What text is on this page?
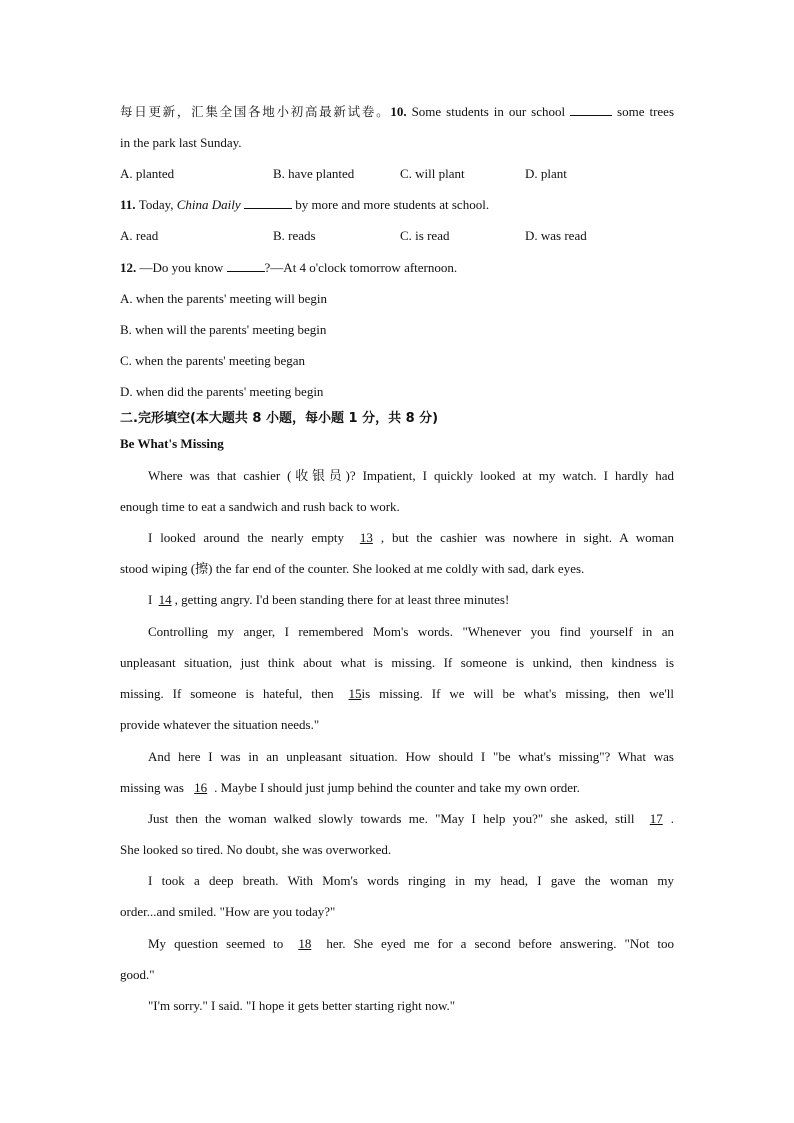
每日更新，汇集全国各地小初高最新试卷。10. Some students in our school	some trees
in the park last Sunday.
A. planted	B. have planted	C. will plant	D. plant
11. Today, China Daily	by more and more students at school.
A. read	B. reads	C. is read	D. was read
12. —Do you know	?—At 4 o'clock tomorrow afternoon.
A. when the parents' meeting will begin
B. when will the parents' meeting begin
C. when the parents' meeting began
D. when did the parents' meeting begin
二.完形填空(本大题共 8 小题，每小题 1 分，共 8 分)
Be What's Missing
Where was that cashier (收银员)? Impatient, I quickly looked at my watch. I hardly had
enough time to eat a sandwich and rush back to work.
I looked around the nearly empty 13 , but the cashier was nowhere in sight. A woman
stood wiping (擦) the far end of the counter. She looked at me coldly with sad, dark eyes.
I 14 , getting angry. I'd been standing there for at least three minutes!
Controlling my anger, I remembered Mom's words. "Whenever you find yourself in an
unpleasant situation, just think about what is missing. If someone is unkind, then kindness is
missing. If someone is hateful, then 15is missing. If we will be what's missing, then we'll
provide whatever the situation needs."
And here I was in an unpleasant situation. How should I "be what's missing"? What was
missing was 16 . Maybe I should just jump behind the counter and take my own order.
Just then the woman walked slowly towards me. "May I help you?" she asked, still 17 .
She looked so tired. No doubt, she was overworked.
I took a deep breath. With Mom's words ringing in my head, I gave the woman my
order...and smiled. "How are you today?"
My question seemed to 18 her. She eyed me for a second before answering. "Not too
good."
"I'm sorry." I said. "I hope it gets better starting right now."
